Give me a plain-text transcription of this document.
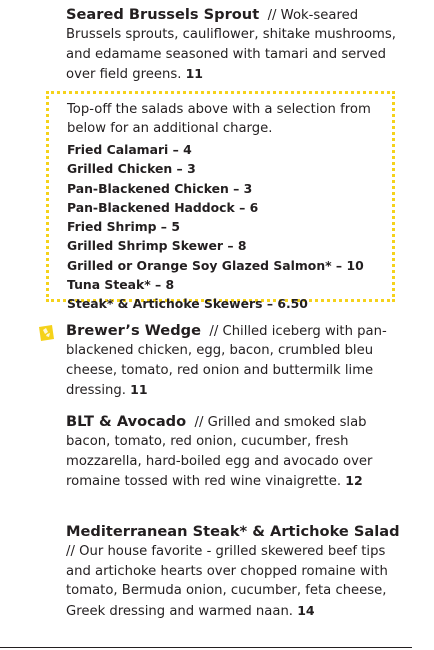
Seared Brussels Sprout // Wok-seared Brussels sprouts, cauliflower, shitake mushrooms, and edamame seasoned with tamari and served over field greens. 11
Top-off the salads above with a selection from below for an additional charge.
Fried Calamari – 4
Grilled Chicken – 3
Pan-Blackened Chicken – 3
Pan-Blackened Haddock – 6
Fried Shrimp – 5
Grilled Shrimp Skewer – 8
Grilled or Orange Soy Glazed Salmon* – 10
Tuna Steak* – 8
Steak* & Artichoke Skewers – 6.50
Brewer’s Wedge // Chilled iceberg with pan-blackened chicken, egg, bacon, crumbled bleu cheese, tomato, red onion and buttermilk lime dressing. 11
BLT & Avocado // Grilled and smoked slab bacon, tomato, red onion, cucumber, fresh mozzarella, hard-boiled egg and avocado over romaine tossed with red wine vinaigrette. 12
Mediterranean Steak* & Artichoke Salad // Our house favorite - grilled skewered beef tips and artichoke hearts over chopped romaine with tomato, Bermuda onion, cucumber, feta cheese, Greek dressing and warmed naan. 14
